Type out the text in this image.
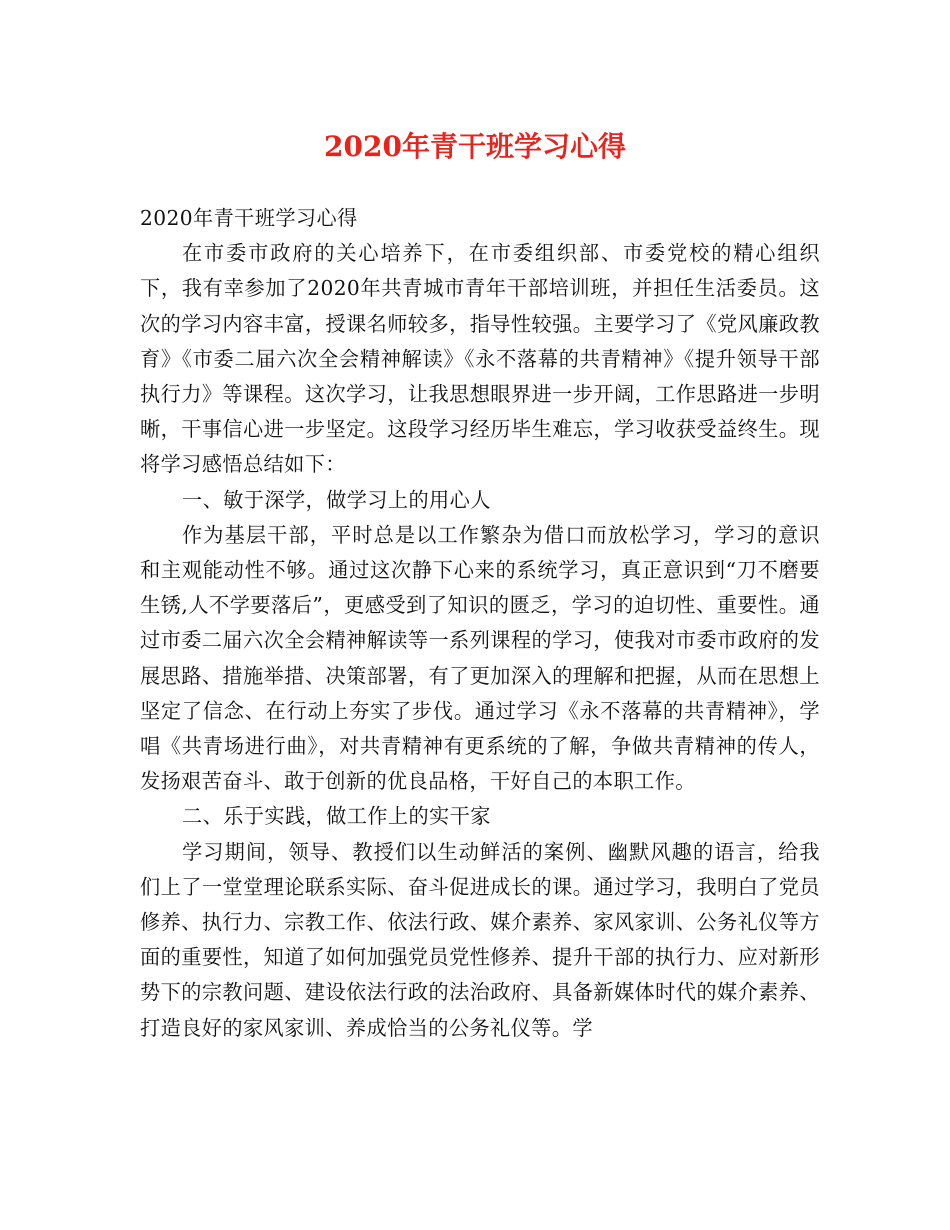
2020年青干班学习心得

2020年青干班学习心得

在市委市政府的关心培养下，在市委组织部、市委党校的精心组织下，我有幸参加了2020年共青城市青年干部培训班，并担任生活委员。这次的学习内容丰富，授课名师较多，指导性较强。主要学习了《党风廉政教育》《市委二届六次全会精神解读》《永不落幕的共青精神》《提升领导干部执行力》等课程。这次学习，让我思想眼界进一步开阔，工作思路进一步明晰，干事信心进一步坚定。这段学习经历毕生难忘，学习收获受益终生。现将学习感悟总结如下：

一、敏于深学，做学习上的用心人

作为基层干部，平时总是以工作繁杂为借口而放松学习，学习的意识和主观能动性不够。通过这次静下心来的系统学习，真正意识到“刀不磨要生锈,人不学要落后”，更感受到了知识的匮乏，学习的迫切性、重要性。通过市委二届六次全会精神解读等一系列课程的学习，使我对市委市政府的发展思路、措施举措、决策部署，有了更加深入的理解和把握，从而在思想上坚定了信念、在行动上夯实了步伐。通过学习《永不落幕的共青精神》，学唱《共青场进行曲》，对共青精神有更系统的了解，争做共青精神的传人，发扬艰苦奋斗、敢于创新的优良品格，干好自己的本职工作。

二、乐于实践，做工作上的实干家

学习期间，领导、教授们以生动鲜活的案例、幽默风趣的语言，给我们上了一堂堂理论联系实际、奋斗促进成长的课。通过学习，我明白了党员修养、执行力、宗教工作、依法行政、媒介素养、家风家训、公务礼仪等方面的重要性，知道了如何加强党员党性修养、提升干部的执行力、应对新形势下的宗教问题、建设依法行政的法治政府、具备新媒体时代的媒介素养、打造良好的家风家训、养成恰当的公务礼仪等。学
